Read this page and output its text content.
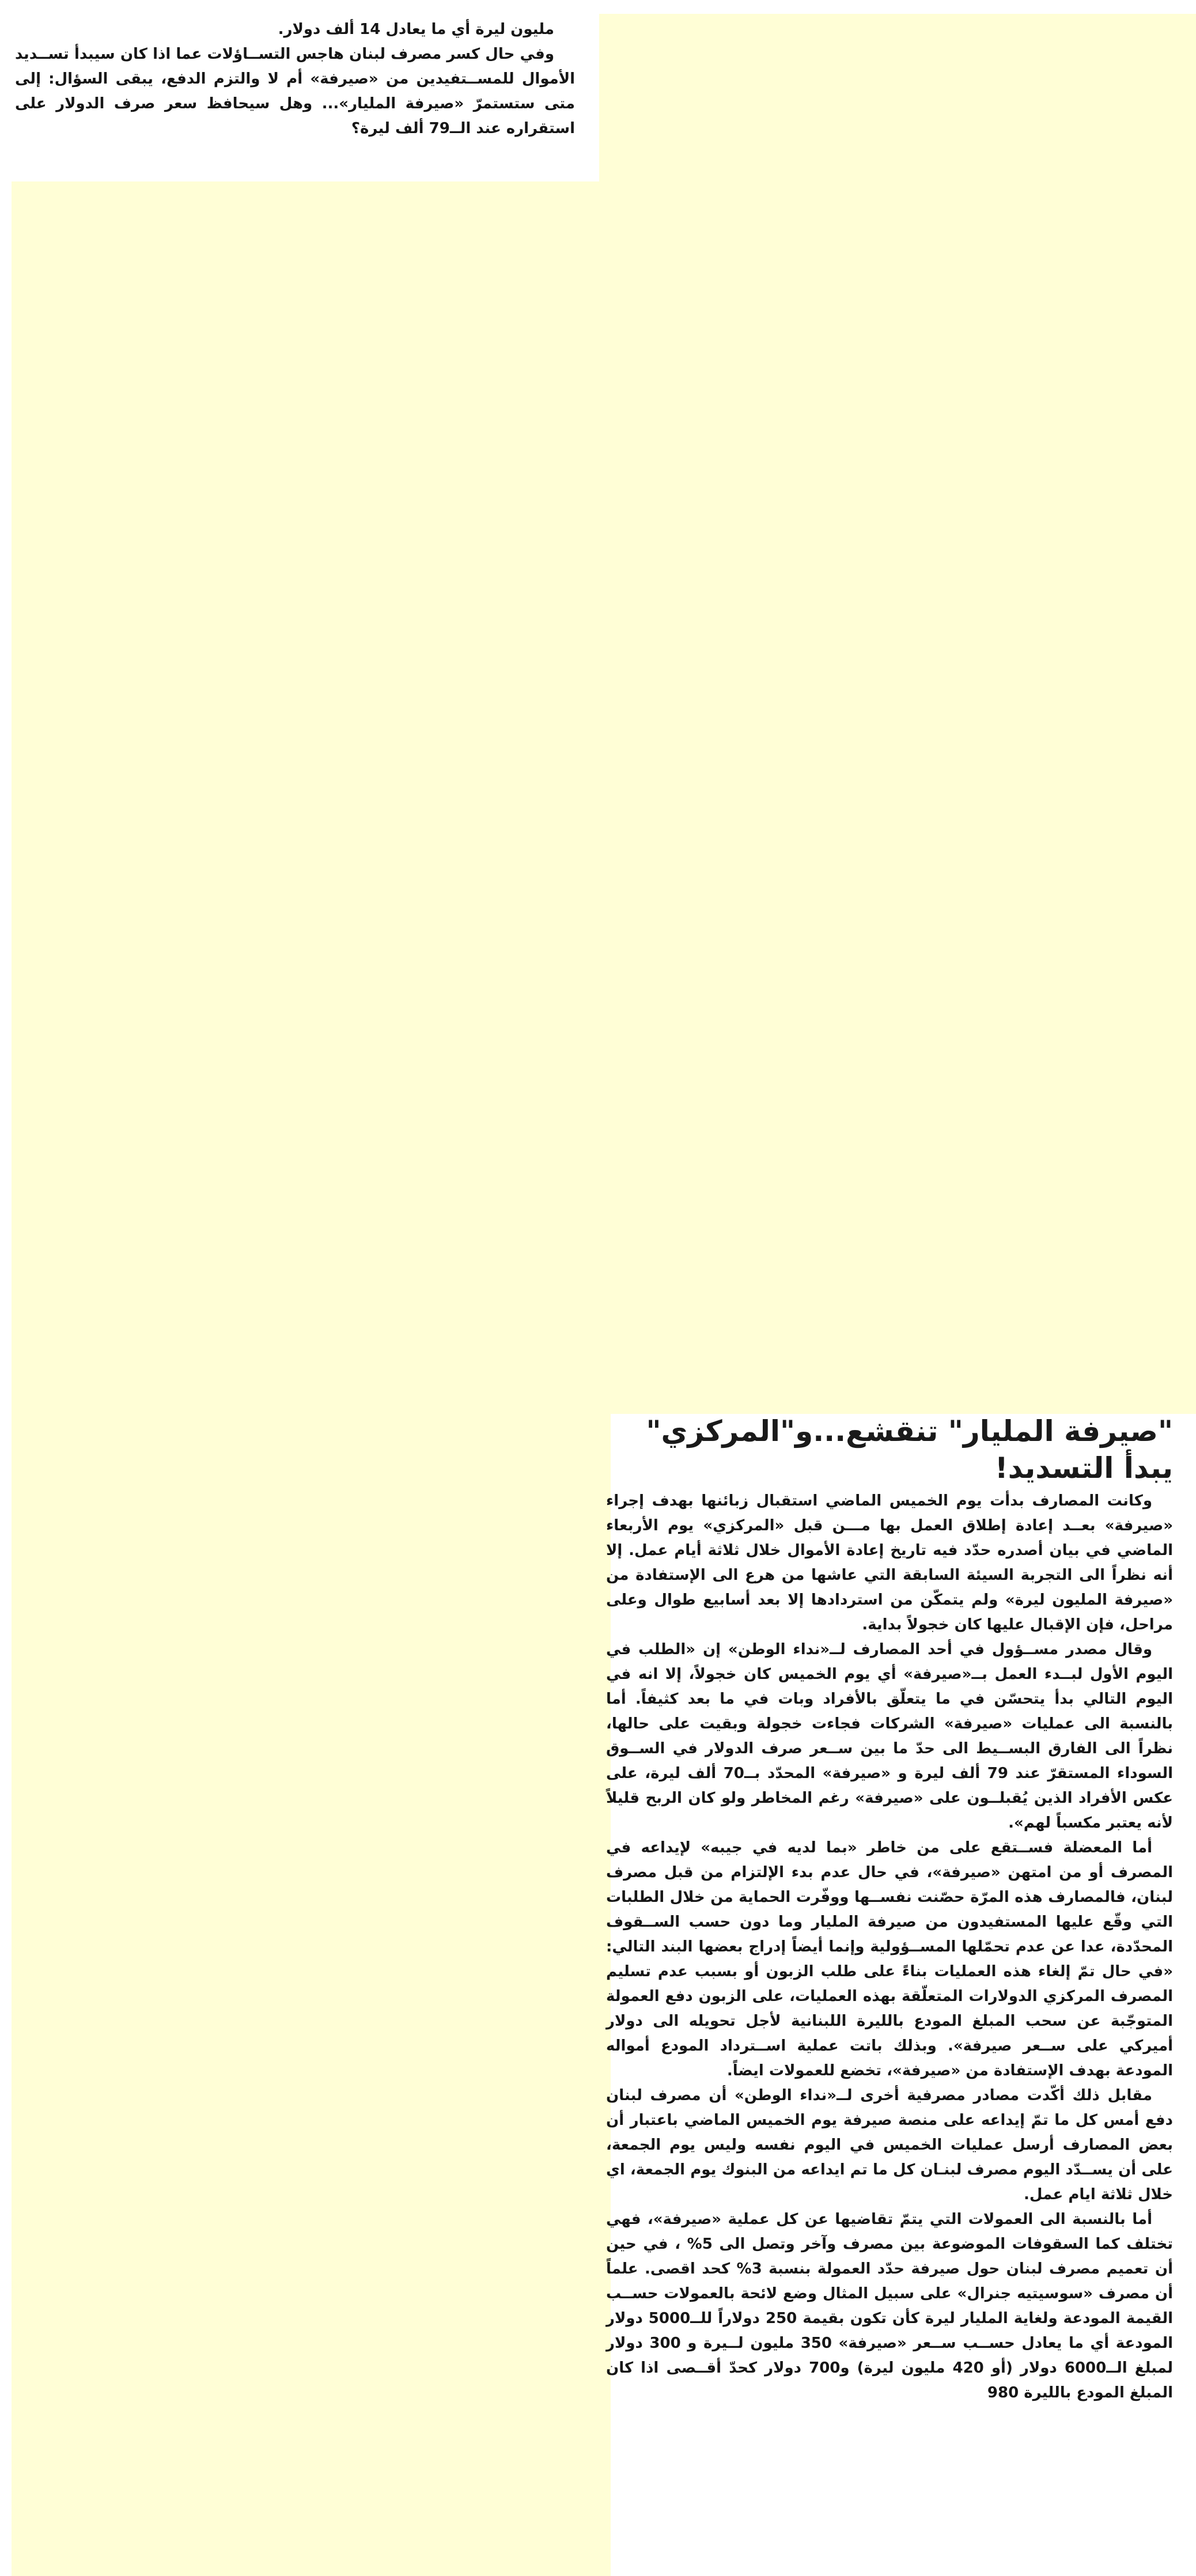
مليون ليرة أي ما يعادل 14 ألف دولار.

وفي حال كسر مصرف لبنان هاجس التســاؤلات عما اذا كان سيبدأ تســديد الأموال للمســتفيدين من «صيرفة» أم لا والتزم الدفع، يبقى السؤال: إلى متى ستستمرّ «صيرفة المليار»... وهل سيحافظ سعر صرف الدولار على استقراره عند الــ79 ألف ليرة؟

"صيرفة المليار" تنقشع...و"المركزي" يبدأ التسديد!

وكانت المصارف بدأت يوم الخميس الماضي استقبال زبائنها بهدف إجراء «صيرفة» بعــد إعادة إطلاق العمل بها مـــن قبل «المركزي» يوم الأربعاء الماضي في بيان أصدره حدّد فيه تاريخ إعادة الأموال خلال ثلاثة أيام عمل. إلا أنه نظراً الى التجربة السيئة السابقة التي عاشها من هرع الى الإستفادة من «صيرفة المليون ليرة» ولم يتمكّن من استردادها إلا بعد أسابيع طوال وعلى مراحل، فإن الإقبال عليها كان خجولاً بداية.

وقال مصدر مســؤول في أحد المصارف لــ«نداء الوطن» إن «الطلب في اليوم الأول لبــدء العمل بــ«صيرفة» أي يوم الخميس كان خجولاً، إلا انه في اليوم التالي بدأ يتحسّن في ما يتعلّق بالأفراد وبات في ما بعد كثيفاً. أما بالنسبة الى عمليات «صيرفة» الشركات فجاءت خجولة وبقيت على حالها، نظراً الى الفارق البســيط الى حدّ ما بين ســعر صرف الدولار في الســوق السوداء المستقرّ عند 79 ألف ليرة و «صيرفة» المحدّد بــ70 ألف ليرة، على عكس الأفراد الذين يُقبلــون على «صيرفة» رغم المخاطر ولو كان الربح قليلاً لأنه يعتبر مكسباً لهم».

أما المعضلة فســتقع على من خاطر «بما لديه في جيبه» لإيداعه في المصرف أو من امتهن «صيرفة»، في حال عدم بدء الإلتزام من قبل مصرف لبنان، فالمصارف هذه المرّة حصّنت نفســها ووفّرت الحماية من خلال الطلبات التي وقّع عليها المستفيدون من صيرفة المليار وما دون حسب الســقوف المحدّدة، عدا عن عدم تحمّلها المســؤولية وإنما أيضاً إدراج بعضها البند التالي: «في حال تمّ إلغاء هذه العمليات بناءً على طلب الزبون أو بسبب عدم تسليم المصرف المركزي الدولارات المتعلّقة بهذه العمليات، على الزبون دفع العمولة المتوجّبة عن سحب المبلغ المودع بالليرة اللبنانية لأجل تحويله الى دولار أميركي على ســعر صيرفة». وبذلك باتت عملية اســترداد المودع أمواله المودعة بهدف الإستفادة من «صيرفة»، تخضع للعمولات ايضاً.

مقابل ذلك أكّدت مصادر مصرفية أخرى لــ«نداء الوطن» أن مصرف لبنان دفع أمس كل ما تمّ إيداعه على منصة صيرفة يوم الخميس الماضي باعتبار أن بعض المصارف أرسل عمليات الخميس في اليوم نفسه وليس يوم الجمعة، على أن يســدّد اليوم مصرف لبنـان كل ما تم ايداعه من البنوك يوم الجمعة، اي خلال ثلاثة ايام عمل.

أما بالنسبة الى العمولات التي يتمّ تقاضيها عن كل عملية «صيرفة»، فهي تختلف كما السقوفات الموضوعة بين مصرف وآخر وتصل الى 5% ، في حين أن تعميم مصرف لبنان حول صيرفة حدّد العمولة بنسبة 3% كحد اقصى. علماً أن مصرف «سوسيتيه جنرال» على سبيل المثال وضع لائحة بالعمولات حســب القيمة المودعة ولغاية المليار ليرة كأن تكون بقيمة 250 دولاراً للــ5000 دولار المودعة أي ما يعادل حســب ســعر «صيرفة» 350 مليون لــيرة و 300 دولار لمبلغ الــ6000 دولار (أو 420 مليون ليرة) و700 دولار كحدّ أقــصى اذا كان المبلغ المودع بالليرة 980
